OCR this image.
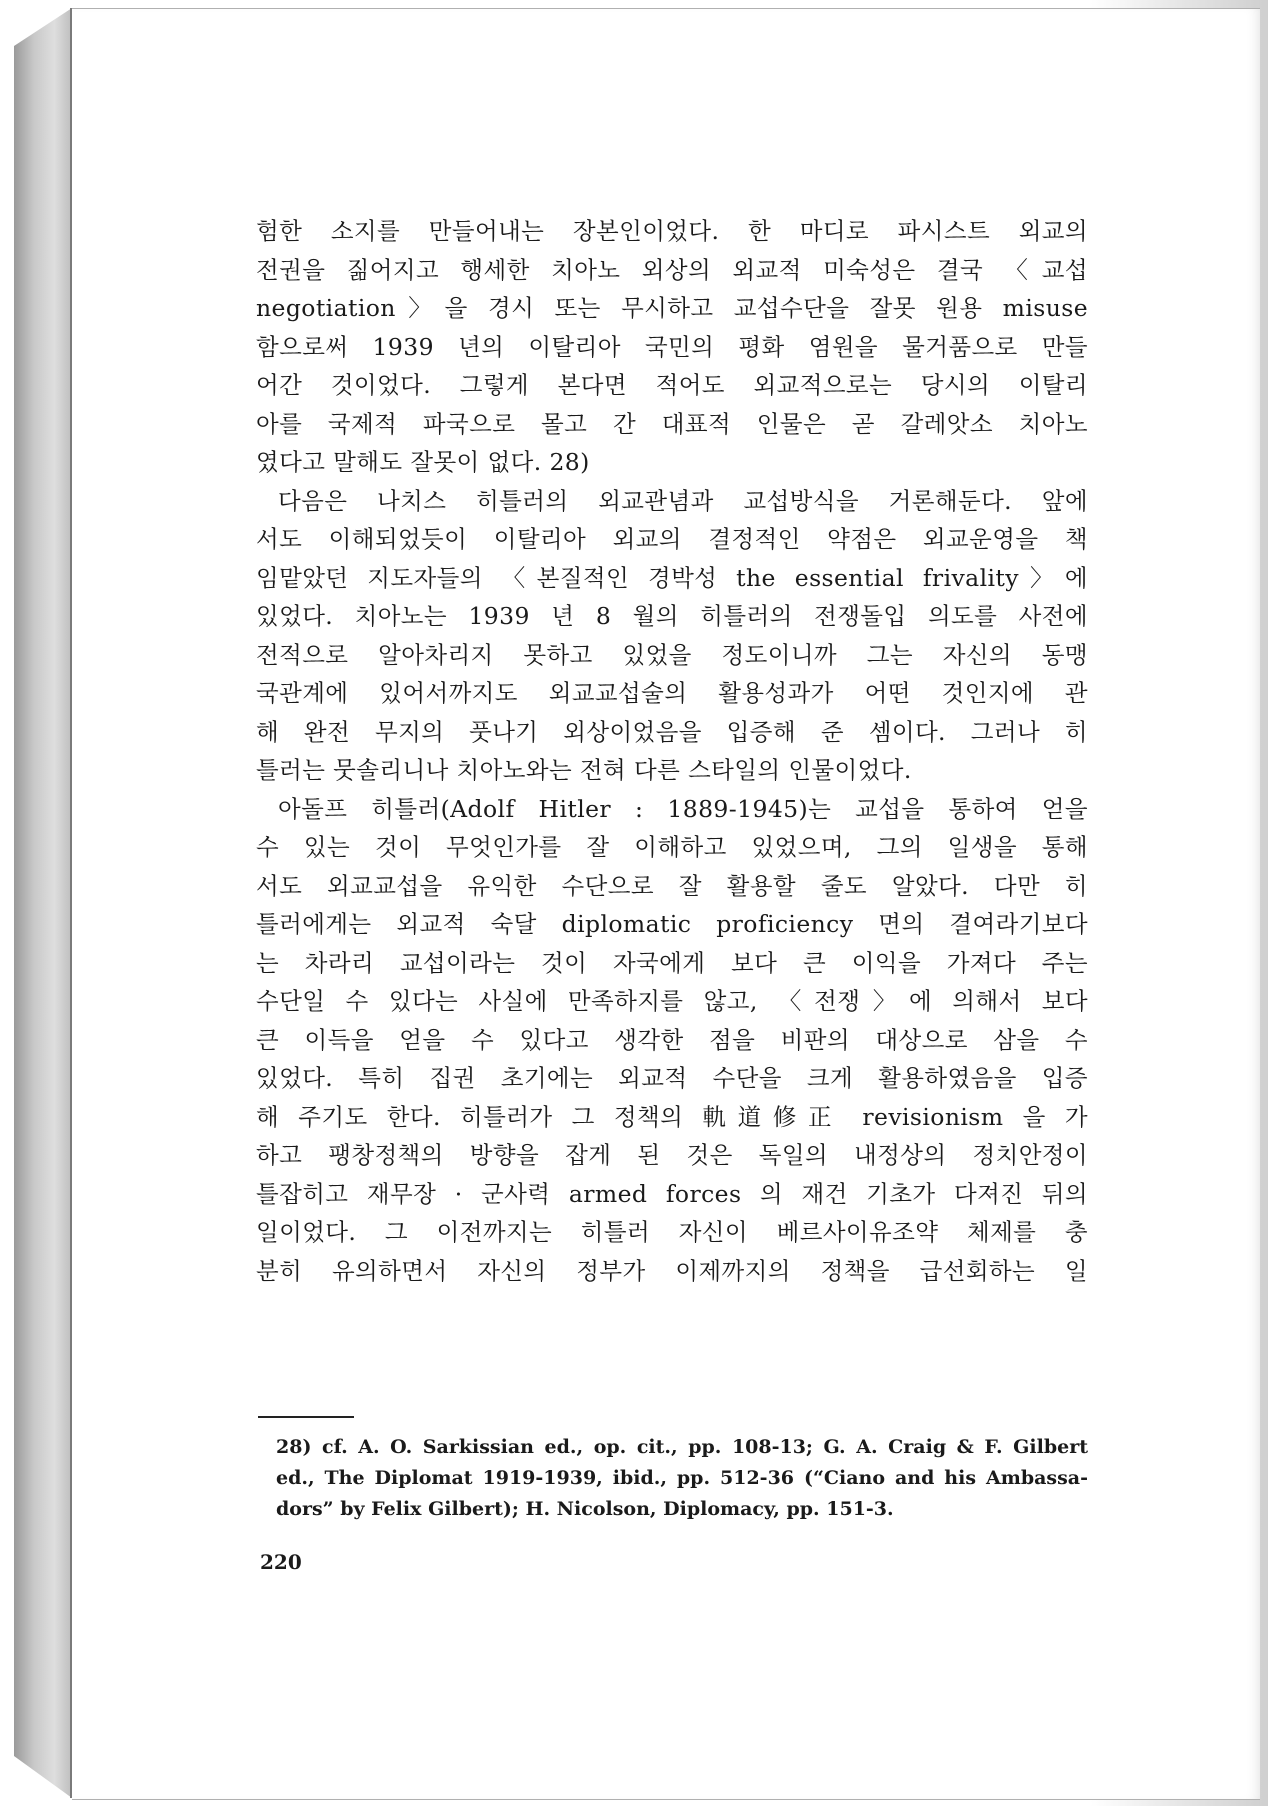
험한 소지를 만들어내는 장본인이었다. 한 마디로 파시스트 외교의
전권을 짊어지고 행세한 치아노 외상의 외교적 미숙성은 결국 〈교섭
negotiation〉을 경시 또는 무시하고 교섭수단을 잘못 원용 misuse
함으로써 1939 년의 이탈리아 국민의 평화 염원을 물거품으로 만들
어간 것이었다. 그렇게 본다면 적어도 외교적으로는 당시의 이탈리
아를 국제적 파국으로 몰고 간 대표적 인물은 곧 갈레앗소 치아노
였다고 말해도 잘못이 없다. 28)
다음은 나치스 히틀러의 외교관념과 교섭방식을 거론해둔다. 앞에
서도 이해되었듯이 이탈리아 외교의 결정적인 약점은 외교운영을 책
임맡았던 지도자들의 〈본질적인 경박성 the essential frivality〉에
있었다. 치아노는 1939 년 8 월의 히틀러의 전쟁돌입 의도를 사전에
전적으로 알아차리지 못하고 있었을 정도이니까 그는 자신의 동맹
국관계에 있어서까지도 외교교섭술의 활용성과가 어떤 것인지에 관
해 완전 무지의 풋나기 외상이었음을 입증해 준 셈이다. 그러나 히
틀러는 뭇솔리니나 치아노와는 전혀 다른 스타일의 인물이었다.
아돌프 히틀러(Adolf Hitler : 1889-1945)는 교섭을 통하여 얻을
수 있는 것이 무엇인가를 잘 이해하고 있었으며, 그의 일생을 통해
서도 외교교섭을 유익한 수단으로 잘 활용할 줄도 알았다. 다만 히
틀러에게는 외교적 숙달 diplomatic proficiency 면의 결여라기보다
는 차라리 교섭이라는 것이 자국에게 보다 큰 이익을 가져다 주는
수단일 수 있다는 사실에 만족하지를 않고, 〈전쟁〉에 의해서 보다
큰 이득을 얻을 수 있다고 생각한 점을 비판의 대상으로 삼을 수
있었다. 특히 집권 초기에는 외교적 수단을 크게 활용하였음을 입증
해 주기도 한다. 히틀러가 그 정책의 軌道修正 revisionism 을 가
하고 팽창정책의 방향을 잡게 된 것은 독일의 내정상의 정치안정이
틀잡히고 재무장 · 군사력 armed forces 의 재건 기초가 다져진 뒤의
일이었다. 그 이전까지는 히틀러 자신이 베르사이유조약 체제를 충
분히 유의하면서 자신의 정부가 이제까지의 정책을 급선회하는 일
28) cf. A. O. Sarkissian ed., op. cit., pp. 108-13; G. A. Craig & F. Gilbert
ed., The Diplomat 1919-1939, ibid., pp. 512-36 (“Ciano and his Ambassa-
dors” by Felix Gilbert); H. Nicolson, Diplomacy, pp. 151-3.
220
